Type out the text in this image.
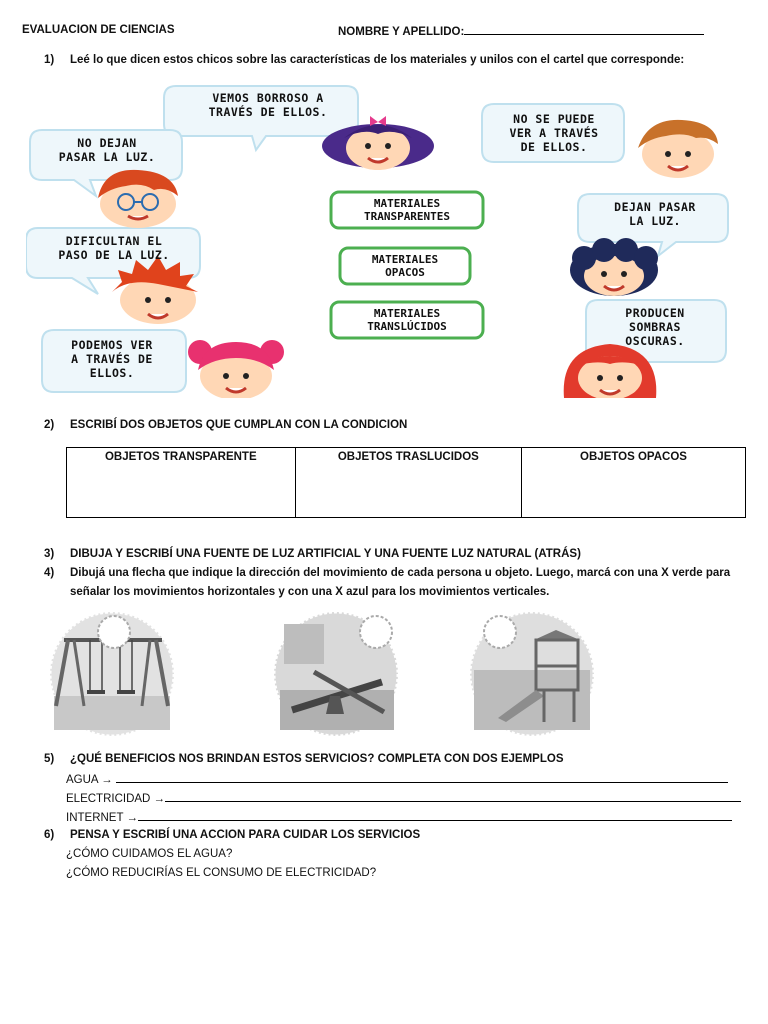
EVALUACION DE CIENCIAS	NOMBRE Y APELLIDO:
1) Leé lo que dicen estos chicos sobre las características de los materiales y unilos con el cartel que corresponde:
VEMOS BORROSO A
TRAVÉS DE ELLOS.
NO DEJAN
PASAR LA LUZ.
NO SE PUEDE
VER A TRAVÉS
DE ELLOS.
DIFICULTAN EL
PASO DE LA LUZ.
DEJAN PASAR
LA LUZ.
PODEMOS VER
A TRAVÉS DE
ELLOS.
PRODUCEN
SOMBRAS
OSCURAS.
MATERIALES
TRANSPARENTES
MATERIALES
OPACOS
MATERIALES
TRANSLÚCIDOS
2) ESCRIBÍ DOS OBJETOS QUE CUMPLAN CON LA CONDICION
OBJETOS TRANSPARENTE	OBJETOS TRASLUCIDOS	OBJETOS OPACOS
3) DIBUJA Y ESCRIBÍ UNA FUENTE DE LUZ ARTIFICIAL Y UNA FUENTE LUZ NATURAL (ATRÁS)
4) Dibujá una flecha que indique la dirección del movimiento de cada persona u objeto. Luego, marcá con una X verde para
señalar los movimientos horizontales y con una X azul para los movimientos verticales.
5) ¿QUÉ BENEFICIOS NOS BRINDAN ESTOS SERVICIOS? COMPLETA CON DOS EJEMPLOS
AGUA →
ELECTRICIDAD →
INTERNET →
6) PENSA Y ESCRIBÍ UNA ACCION PARA CUIDAR LOS SERVICIOS
¿CÓMO CUIDAMOS EL AGUA?
¿CÓMO REDUCIRÍAS EL CONSUMO DE ELECTRICIDAD?
